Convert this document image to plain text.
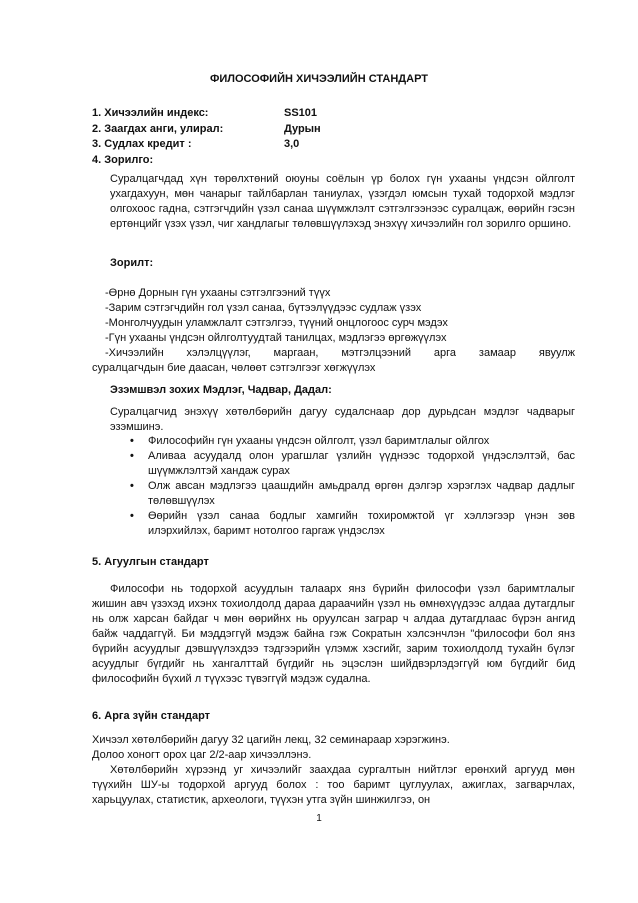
ФИЛОСОФИЙН ХИЧЭЭЛИЙН СТАНДАРТ
1. Хичээлийн индекс:	SS101
2. Заагдах анги, улирал:	Дурын
3. Судлах кредит :	3,0
4. Зорилго:
Суралцагчдад хүн төрөлхтөний оюуны соёлын үр болох гүн ухааны үндсэн ойлголт ухагдахуун, мөн чанарыг тайлбарлан таниулах, үзэгдэл юмсын тухай тодорхой мэдлэг олгохоос гадна, сэтгэгчдийн үзэл санаа шүүмжлэлт сэтгэлгээнээс суралцаж, өөрийн гэсэн ертөнцийг үзэх үзэл, чиг хандлагыг төлөвшүүлэхэд энэхүү хичээлийн гол зорилго оршино.
Зорилт:
-Өрнө Дорнын гүн ухааны сэтгэлгээний түүх
-Зарим сэтгэгчдийн гол үзэл санаа, бүтээлүүдээс судлаж үзэх
-Монголчуудын уламжлалт сэтгэлгээ, түүний онцлогоос сурч мэдэх
-Гүн ухааны үндсэн ойлголтуудтай танилцах, мэдлэгээ өргөжүүлэх
-Хичээлийн хэлэлцүүлэг, маргаан, мэтгэлцээний арга замаар явуулж
суралцагчдын бие даасан, чөлөөт сэтгэлгээг хөгжүүлэх
Эзэмшвэл зохих Мэдлэг, Чадвар, Дадал:
Суралцагчид энэхүү хөтөлбөрийн дагуу судалснаар дор дурьдсан мэдлэг чадварыг эзэмшинэ.
• Философийн гүн ухааны үндсэн ойлголт, үзэл баримтлалыг ойлгох
• Аливаа асуудалд олон урагшлаг үзлийн үүднээс тодорхой үндэслэлтэй, бас шүүмжлэлтэй хандаж сурах
• Олж авсан мэдлэгээ цаашдийн амьдралд өргөн дэлгэр хэрэглэх чадвар дадлыг төлөвшүүлэх
• Өөрийн үзэл санаа бодлыг хамгийн тохиромжтой үг хэллэгээр үнэн зөв илэрхийлэх, баримт нотолгоо гаргаж үндэслэх
5. Агуулгын стандарт
Философи нь тодорхой асуудлын талаарх янз бүрийн философи үзэл баримтлалыг жишин авч үзэхэд ихэнх тохиолдолд дараа дараачийн үзэл нь өмнөхүүдээс алдаа дутагдлыг нь олж харсан байдаг ч мөн өөрийнх нь оруулсан заграр ч алдаа дутагдлаас бүрэн ангид байж чаддаггүй. Би мэддэггүй мэдэж байна гэж Сократын хэлсэнчлэн "философи бол янз бүрийн асуудлыг дэвшүүлэхдээ тэдгээрийн үлэмж хэсгийг, зарим тохиолдолд тухайн бүлэг асуудлыг бүгдийг нь хангалттай бүгдийг нь эцэслэн шийдвэрлэдэггүй юм бүгдийг бид философийн бүхий л түүхээс түвэггүй мэдэж судална.
6. Арга зүйн стандарт
Хичээл хөтөлбөрийн дагуу 32 цагийн лекц, 32 семинараар хэрэгжинэ.
Долоо хоногт орох цаг 2/2-аар хичээллэнэ.
Хөтөлбөрийн хүрээнд уг хичээлийг заахдаа сургалтын нийтлэг ерөнхий аргууд мөн түүхийн ШУ-ы тодорхой аргууд болох : тоо баримт цуглуулах, ажиглах, загварчлах, харьцуулах, статистик, археологи, түүхэн утга зүйн шинжилгээ, он
1
